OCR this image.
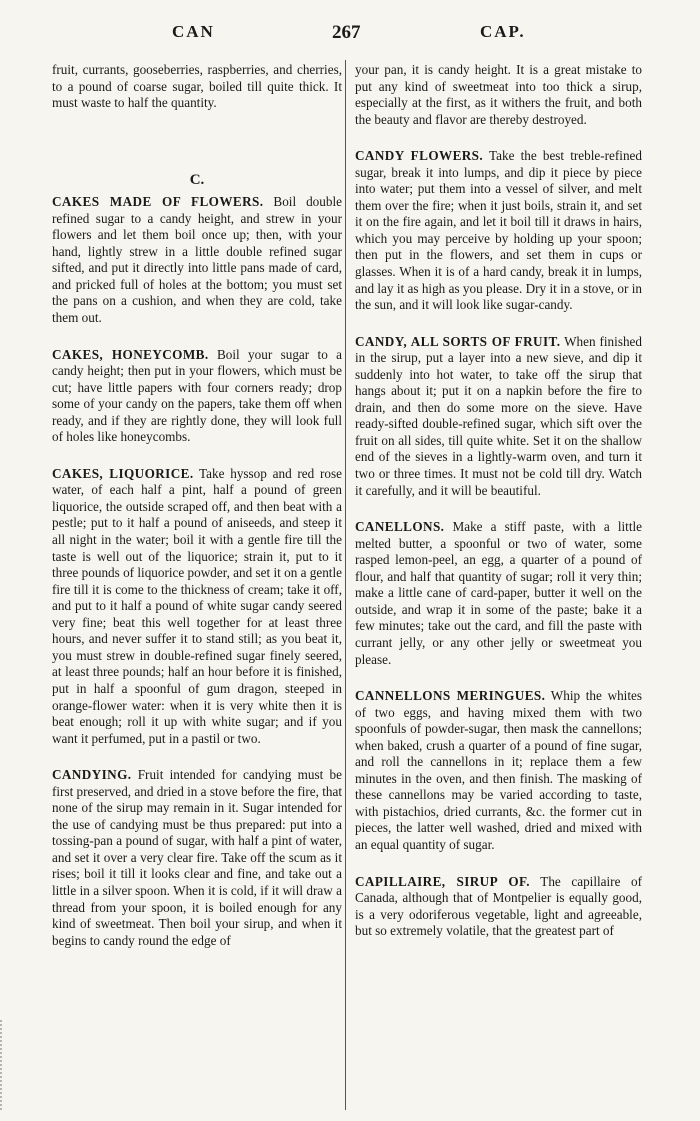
CAN	267	CAP.

fruit, currants, gooseberries, raspberries, and cherries, to a pound of coarse sugar, boiled till quite thick. It must waste to half the quantity.

C.

CAKES MADE OF FLOWERS. Boil double refined sugar to a candy height, and strew in your flowers and let them boil once up; then, with your hand, lightly strew in a little double refined sugar sifted, and put it directly into little pans made of card, and pricked full of holes at the bottom; you must set the pans on a cushion, and when they are cold, take them out.

CAKES, HONEYCOMB. Boil your sugar to a candy height; then put in your flowers, which must be cut; have little papers with four corners ready; drop some of your candy on the papers, take them off when ready, and if they are rightly done, they will look full of holes like honeycombs.

CAKES, LIQUORICE. Take hyssop and red rose water, of each half a pint, half a pound of green liquorice, the outside scraped off, and then beat with a pestle; put to it half a pound of aniseeds, and steep it all night in the water; boil it with a gentle fire till the taste is well out of the liquorice; strain it, put to it three pounds of liquorice powder, and set it on a gentle fire till it is come to the thickness of cream; take it off, and put to it half a pound of white sugar candy seered very fine; beat this well together for at least three hours, and never suffer it to stand still; as you beat it, you must strew in double-refined sugar finely seered, at least three pounds; half an hour before it is finished, put in half a spoonful of gum dragon, steeped in orange-flower water: when it is very white then it is beat enough; roll it up with white sugar; and if you want it perfumed, put in a pastil or two.

CANDYING. Fruit intended for candying must be first preserved, and dried in a stove before the fire, that none of the sirup may remain in it. Sugar intended for the use of candying must be thus prepared: put into a tossing-pan a pound of sugar, with half a pint of water, and set it over a very clear fire. Take off the scum as it rises; boil it till it looks clear and fine, and take out a little in a silver spoon. When it is cold, if it will draw a thread from your spoon, it is boiled enough for any kind of sweetmeat. Then boil your sirup, and when it begins to candy round the edge of

your pan, it is candy height. It is a great mistake to put any kind of sweetmeat into too thick a sirup, especially at the first, as it withers the fruit, and both the beauty and flavor are thereby destroyed.

CANDY FLOWERS. Take the best treble-refined sugar, break it into lumps, and dip it piece by piece into water; put them into a vessel of silver, and melt them over the fire; when it just boils, strain it, and set it on the fire again, and let it boil till it draws in hairs, which you may perceive by holding up your spoon; then put in the flowers, and set them in cups or glasses. When it is of a hard candy, break it in lumps, and lay it as high as you please. Dry it in a stove, or in the sun, and it will look like sugar-candy.

CANDY, ALL SORTS OF FRUIT. When finished in the sirup, put a layer into a new sieve, and dip it suddenly into hot water, to take off the sirup that hangs about it; put it on a napkin before the fire to drain, and then do some more on the sieve. Have ready-sifted double-refined sugar, which sift over the fruit on all sides, till quite white. Set it on the shallow end of the sieves in a lightly-warm oven, and turn it two or three times. It must not be cold till dry. Watch it carefully, and it will be beautiful.

CANELLONS. Make a stiff paste, with a little melted butter, a spoonful or two of water, some rasped lemon-peel, an egg, a quarter of a pound of flour, and half that quantity of sugar; roll it very thin; make a little cane of card-paper, butter it well on the outside, and wrap it in some of the paste; bake it a few minutes; take out the card, and fill the paste with currant jelly, or any other jelly or sweetmeat you please.

CANNELLONS MERINGUES. Whip the whites of two eggs, and having mixed them with two spoonfuls of powder-sugar, then mask the cannellons; when baked, crush a quarter of a pound of fine sugar, and roll the cannellons in it; replace them a few minutes in the oven, and then finish. The masking of these cannellons may be varied according to taste, with pistachios, dried currants, &c. the former cut in pieces, the latter well washed, dried and mixed with an equal quantity of sugar.

CAPILLAIRE, SIRUP OF. The capillaire of Canada, although that of Montpelier is equally good, is a very odoriferous vegetable, light and agreeable, but so extremely volatile, that the greatest part of
